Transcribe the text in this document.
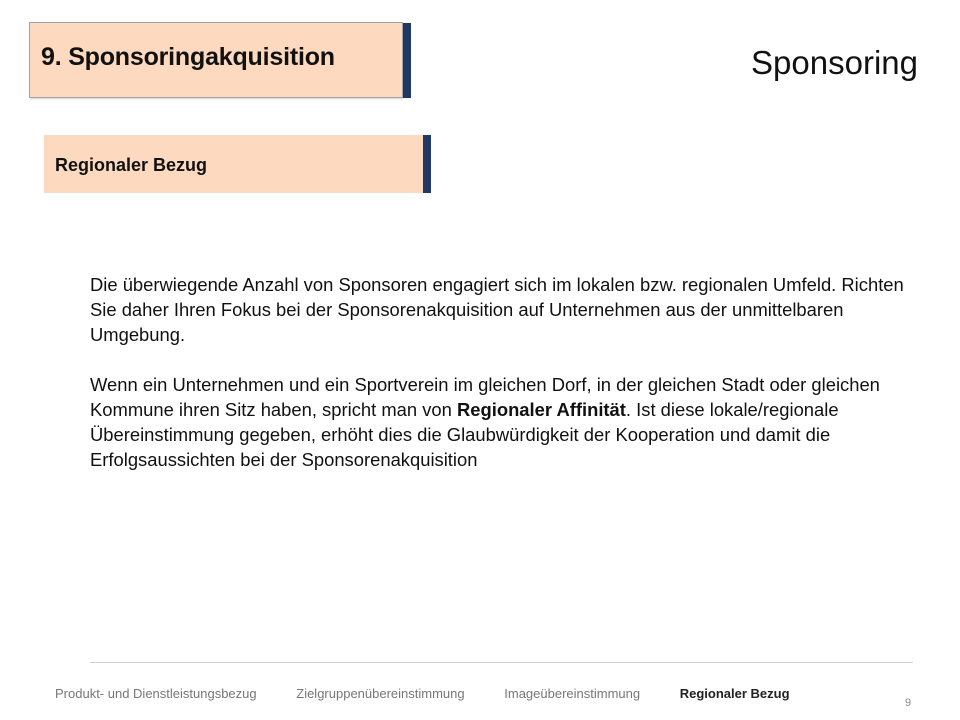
9. Sponsoringakquisition	Sponsoring
Regionaler Bezug

Die überwiegende Anzahl von Sponsoren engagiert sich im lokalen bzw. regionalen Umfeld. Richten Sie daher Ihren Fokus bei der Sponsorenakquisition auf Unternehmen aus der unmittelbaren Umgebung.

Wenn ein Unternehmen und ein Sportverein im gleichen Dorf, in der gleichen Stadt oder gleichen Kommune ihren Sitz haben, spricht man von Regionaler Affinität. Ist diese lokale/regionale Übereinstimmung gegeben, erhöht dies die Glaubwürdigkeit der Kooperation und damit die Erfolgsaussichten bei der Sponsorenakquisition

Produkt- und Dienstleistungsbezug	Zielgruppenübereinstimmung	Imageübereinstimmung	Regionaler Bezug
9
